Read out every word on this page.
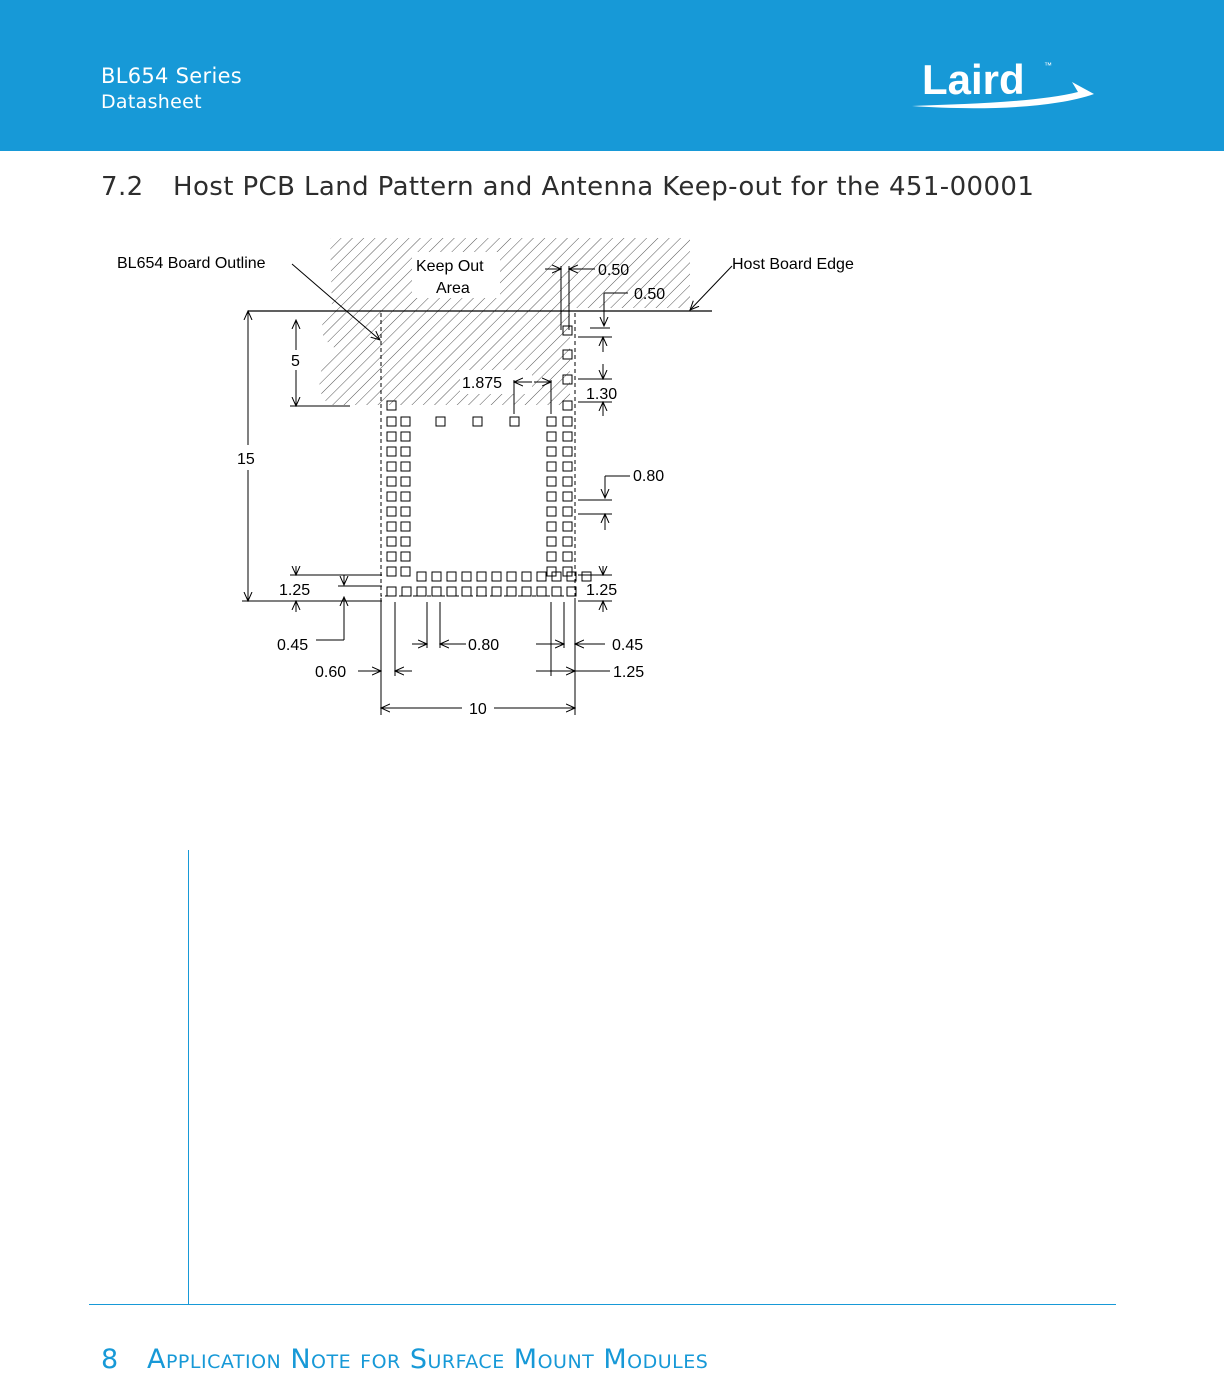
BL654 Series
Datasheet	Laird ™
7.2 Host PCB Land Pattern and Antenna Keep-out for the 451-00001
BL654 Board Outline	Keep Out
Area
Host Board Edge
0.50
0.50
5
15
1.875
1.30
0.80
1.25	1.25
0.45	0.80	0.45
0.60	1.25
10
8 Application Note for Surface Mount Modules
